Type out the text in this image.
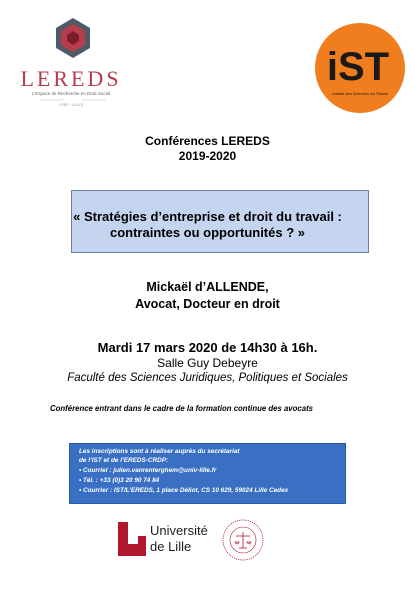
LEREDS
L'Espace de Recherche en Droit Social
CRDP · ULILLE
iST
Institut des Sciences du Travail
Conférences LEREDS
2019-2020
« Stratégies d’entreprise et droit du travail :
contraintes ou opportunités ? »
Mickaël d’ALLENDE,
Avocat, Docteur en droit
Mardi 17 mars 2020 de 14h30 à 16h.
Salle Guy Debeyre
Faculté des Sciences Juridiques, Politiques et Sociales
Conférence entrant dans le cadre de la formation continue des avocats
Les inscriptions sont à réaliser auprès du secrétariat
de l’IST et de l’EREDS-CRDP:
• Courriel : julien.vanrenterghem@univ-lille.fr
• Tél. : +33 (0)3 20 90 74 84
• Courrier : IST/L’EREDS, 1 place Déliot, CS 10 629, 59024 Lille Cedex
Université
de Lille
